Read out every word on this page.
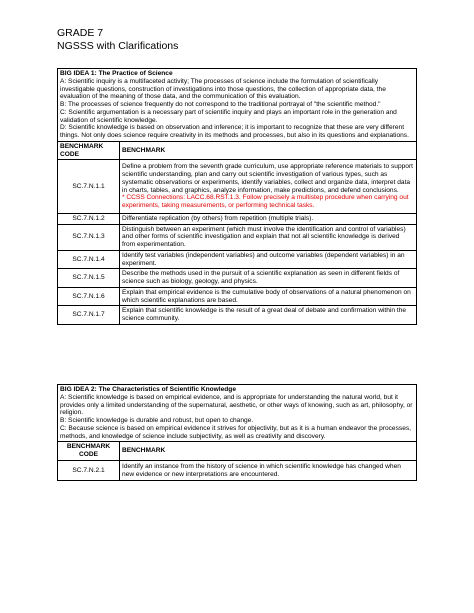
GRADE 7
NGSSS with Clarifications
BIG IDEA 1: The Practice of Science
A: Scientific inquiry is a multifaceted activity; The processes of science include the formulation of scientifically investigable questions, construction of investigations into those questions, the collection of appropriate data, the evaluation of the meaning of those data, and the communication of this evaluation.
B: The processes of science frequently do not correspond to the traditional portrayal of "the scientific method."
C: Scientific argumentation is a necessary part of scientific inquiry and plays an important role in the generation and validation of scientific knowledge.
D: Scientific knowledge is based on observation and inference; it is important to recognize that these are very different things. Not only does science require creativity in its methods and processes, but also in its questions and explanations.	

BENCHMARK CODE	BENCHMARK
SC.7.N.1.1	Define a problem from the seventh grade curriculum, use appropriate reference materials to support scientific understanding, plan and carry out scientific investigation of various types, such as systematic observations or experiments, identify variables, collect and organize data, interpret data in charts, tables, and graphics, analyze information, make predictions, and defend conclusions.
* CCSS Connections: LACC.68.RST.1.3. Follow precisely a multistep procedure when carrying out experiments, taking measurements, or performing technical tasks.

SC.7.N.1.2	Differentiate replication (by others) from repetition (multiple trials).
SC.7.N.1.3	Distinguish between an experiment (which must involve the identification and control of variables) and other forms of scientific investigation and explain that not all scientific knowledge is derived from experimentation.
SC.7.N.1.4	Identify test variables (independent variables) and outcome variables (dependent variables) in an experiment.
SC.7.N.1.5	Describe the methods used in the pursuit of a scientific explanation as seen in different fields of science such as biology, geology, and physics.
SC.7.N.1.6	Explain that empirical evidence is the cumulative body of observations of a natural phenomenon on which scientific explanations are based.
SC.7.N.1.7	Explain that scientific knowledge is the result of a great deal of debate and confirmation within the science community.
BIG IDEA 2: The Characteristics of Scientific Knowledge
A: Scientific knowledge is based on empirical evidence, and is appropriate for understanding the natural world, but it provides only a limited understanding of the supernatural, aesthetic, or other ways of knowing, such as art, philosophy, or religion.
B: Scientific knowledge is durable and robust, but open to change.
C: Because science is based on empirical evidence it strives for objectivity, but as it is a human endeavor the processes, methods, and knowledge of science include subjectivity, as well as creativity and discovery.	

BENCHMARK CODE	BENCHMARK
SC.7.N.2.1	Identify an instance from the history of science in which scientific knowledge has changed when new evidence or new interpretations are encountered.
